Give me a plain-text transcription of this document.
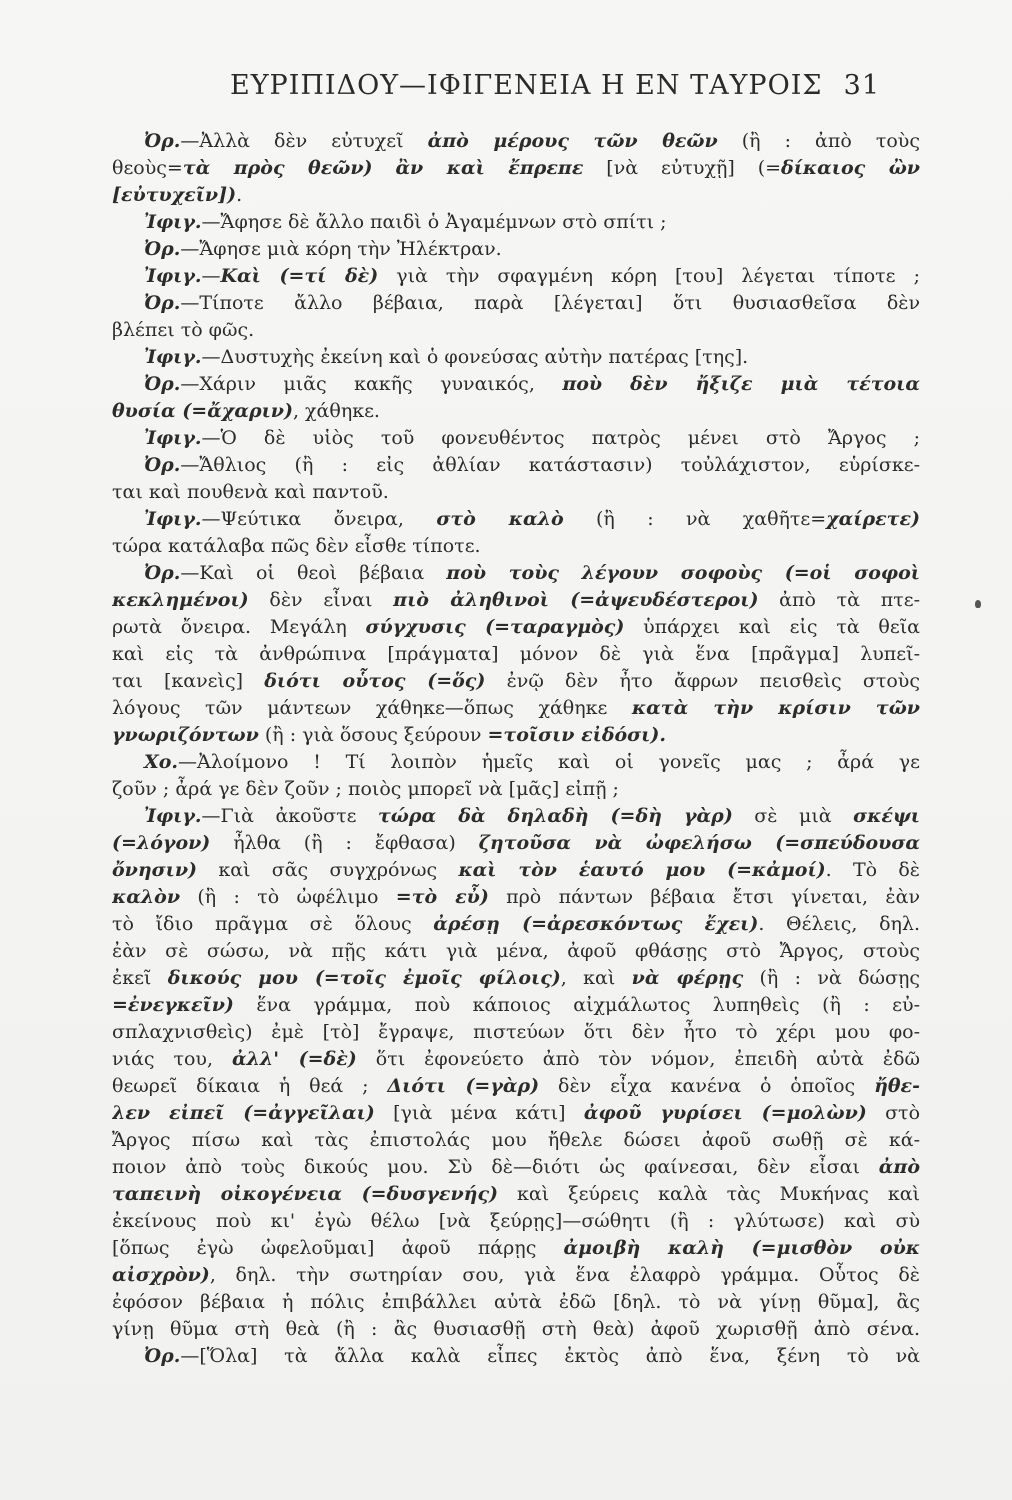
ΕΥΡΙΠΙΔΟΥ—ΙΦΙΓΕΝΕΙΑ Η ΕΝ ΤΑΥΡΟΙΣ 31
Ὀρ.—Ἀλλὰ δὲν εὐτυχεῖ ἀπὸ μέρους τῶν θεῶν (ἢ : ἀπὸ τοὺς
θεοὺς=τὰ πρὸς θεῶν) ἂν καὶ ἔπρεπε [νὰ εὐτυχῇ] (=δίκαιος ὢν
[εὐτυχεῖν]).
Ἰφιγ.—Ἄφησε δὲ ἄλλο παιδὶ ὁ Ἀγαμέμνων στὸ σπίτι ;
Ὀρ.—Ἄφησε μιὰ κόρη τὴν Ἠλέκτραν.
Ἰφιγ.—Καὶ (=τί δὲ) γιὰ τὴν σφαγμένη κόρη [του] λέγεται τίποτε ;
Ὀρ.—Τίποτε ἄλλο βέβαια, παρὰ [λέγεται] ὅτι θυσιασθεῖσα δὲν
βλέπει τὸ φῶς.
Ἰφιγ.—Δυστυχὴς ἐκείνη καὶ ὁ φονεύσας αὐτὴν πατέρας [της].
Ὀρ.—Χάριν μιᾶς κακῆς γυναικός, ποὺ δὲν ἤξιζε μιὰ τέτοια
θυσία (=ἄχαριν), χάθηκε.
Ἰφιγ.—Ὁ δὲ υἱὸς τοῦ φονευθέντος πατρὸς μένει στὸ Ἄργος ;
Ὀρ.—Ἄθλιος (ἢ : εἰς ἀθλίαν κατάστασιν) τοὐλάχιστον, εὑρίσκε-
ται καὶ πουθενὰ καὶ παντοῦ.
Ἰφιγ.—Ψεύτικα ὄνειρα, στὸ καλὸ (ἢ : νὰ χαθῆτε=χαίρετε)
τώρα κατάλαβα πῶς δὲν εἶσθε τίποτε.
Ὀρ.—Καὶ οἱ θεοὶ βέβαια ποὺ τοὺς λέγουν σοφοὺς (=οἱ σοφοὶ
κεκλημένοι) δὲν εἶναι πιὸ ἀληθινοὶ (=ἀψευδέστεροι) ἀπὸ τὰ πτε-
ρωτὰ ὄνειρα. Μεγάλη σύγχυσις (=ταραγμὸς) ὑπάρχει καὶ εἰς τὰ θεῖα
καὶ εἰς τὰ ἀνθρώπινα [πράγματα] μόνον δὲ γιὰ ἕνα [πρᾶγμα] λυπεῖ-
ται [κανεὶς] διότι οὗτος (=ὅς) ἐνῷ δὲν ἦτο ἄφρων πεισθεὶς στοὺς
λόγους τῶν μάντεων χάθηκε—ὅπως χάθηκε κατὰ τὴν κρίσιν τῶν
γνωριζόντων (ἢ : γιὰ ὅσους ξεύρουν =τοῖσιν εἰδόσι).
Χο.—Ἀλοίμονο ! Τί λοιπὸν ἡμεῖς καὶ οἱ γονεῖς μας ; ἆρά γε
ζοῦν ; ἆρά γε δὲν ζοῦν ; ποιὸς μπορεῖ νὰ [μᾶς] εἰπῇ ;
Ἰφιγ.—Γιὰ ἀκοῦστε τώρα δὰ δηλαδὴ (=δὴ γὰρ) σὲ μιὰ σκέψι
(=λόγον) ἦλθα (ἢ : ἔφθασα) ζητοῦσα νὰ ὠφελήσω (=σπεύδουσα
ὄνησιν) καὶ σᾶς συγχρόνως καὶ τὸν ἑαυτό μου (=κἀμοί). Τὸ δὲ
καλὸν (ἢ : τὸ ὠφέλιμο =τὸ εὖ) πρὸ πάντων βέβαια ἔτσι γίνεται, ἐὰν
τὸ ἴδιο πρᾶγμα σὲ ὅλους ἀρέσῃ (=ἀρεσκόντως ἔχει). Θέλεις, δηλ.
ἐὰν σὲ σώσω, νὰ πῇς κάτι γιὰ μένα, ἀφοῦ φθάσῃς στὸ Ἄργος, στοὺς
ἐκεῖ δικούς μου (=τοῖς ἐμοῖς φίλοις), καὶ νὰ φέρῃς (ἢ : νὰ δώσῃς
=ἐνεγκεῖν) ἕνα γράμμα, ποὺ κάποιος αἰχμάλωτος λυπηθεὶς (ἢ : εὐ-
σπλαχνισθεὶς) ἐμὲ [τὸ] ἔγραψε, πιστεύων ὅτι δὲν ἦτο τὸ χέρι μου φο-
νιάς του, ἀλλ' (=δὲ) ὅτι ἐφονεύετο ἀπὸ τὸν νόμον, ἐπειδὴ αὐτὰ ἐδῶ
θεωρεῖ δίκαια ἡ θεά ; Διότι (=γὰρ) δὲν εἶχα κανένα ὁ ὁποῖος ἤθε-
λεν εἰπεῖ (=ἀγγεῖλαι) [γιὰ μένα κάτι] ἀφοῦ γυρίσει (=μολὼν) στὸ
Ἄργος πίσω καὶ τὰς ἐπιστολάς μου ἤθελε δώσει ἀφοῦ σωθῇ σὲ κά-
ποιον ἀπὸ τοὺς δικούς μου. Σὺ δὲ—διότι ὡς φαίνεσαι, δὲν εἶσαι ἀπὸ
ταπεινὴ οἰκογένεια (=δυσγενής) καὶ ξεύρεις καλὰ τὰς Μυκήνας καὶ
ἐκείνους ποὺ κι' ἐγὼ θέλω [νὰ ξεύρῃς]—σώθητι (ἢ : γλύτωσε) καὶ σὺ
[ὅπως ἐγὼ ὠφελοῦμαι] ἀφοῦ πάρῃς ἀμοιβὴ καλὴ (=μισθὸν οὐκ
αἰσχρὸν), δηλ. τὴν σωτηρίαν σου, γιὰ ἕνα ἐλαφρὸ γράμμα. Οὗτος δὲ
ἐφόσον βέβαια ἡ πόλις ἐπιβάλλει αὐτὰ ἐδῶ [δηλ. τὸ νὰ γίνῃ θῦμα], ἂς
γίνῃ θῦμα στὴ θεὰ (ἢ : ἂς θυσιασθῇ στὴ θεὰ) ἀφοῦ χωρισθῇ ἀπὸ σένα.
Ὀρ.—[Ὅλα] τὰ ἄλλα καλὰ εἶπες ἐκτὸς ἀπὸ ἕνα, ξένη τὸ νὰ
